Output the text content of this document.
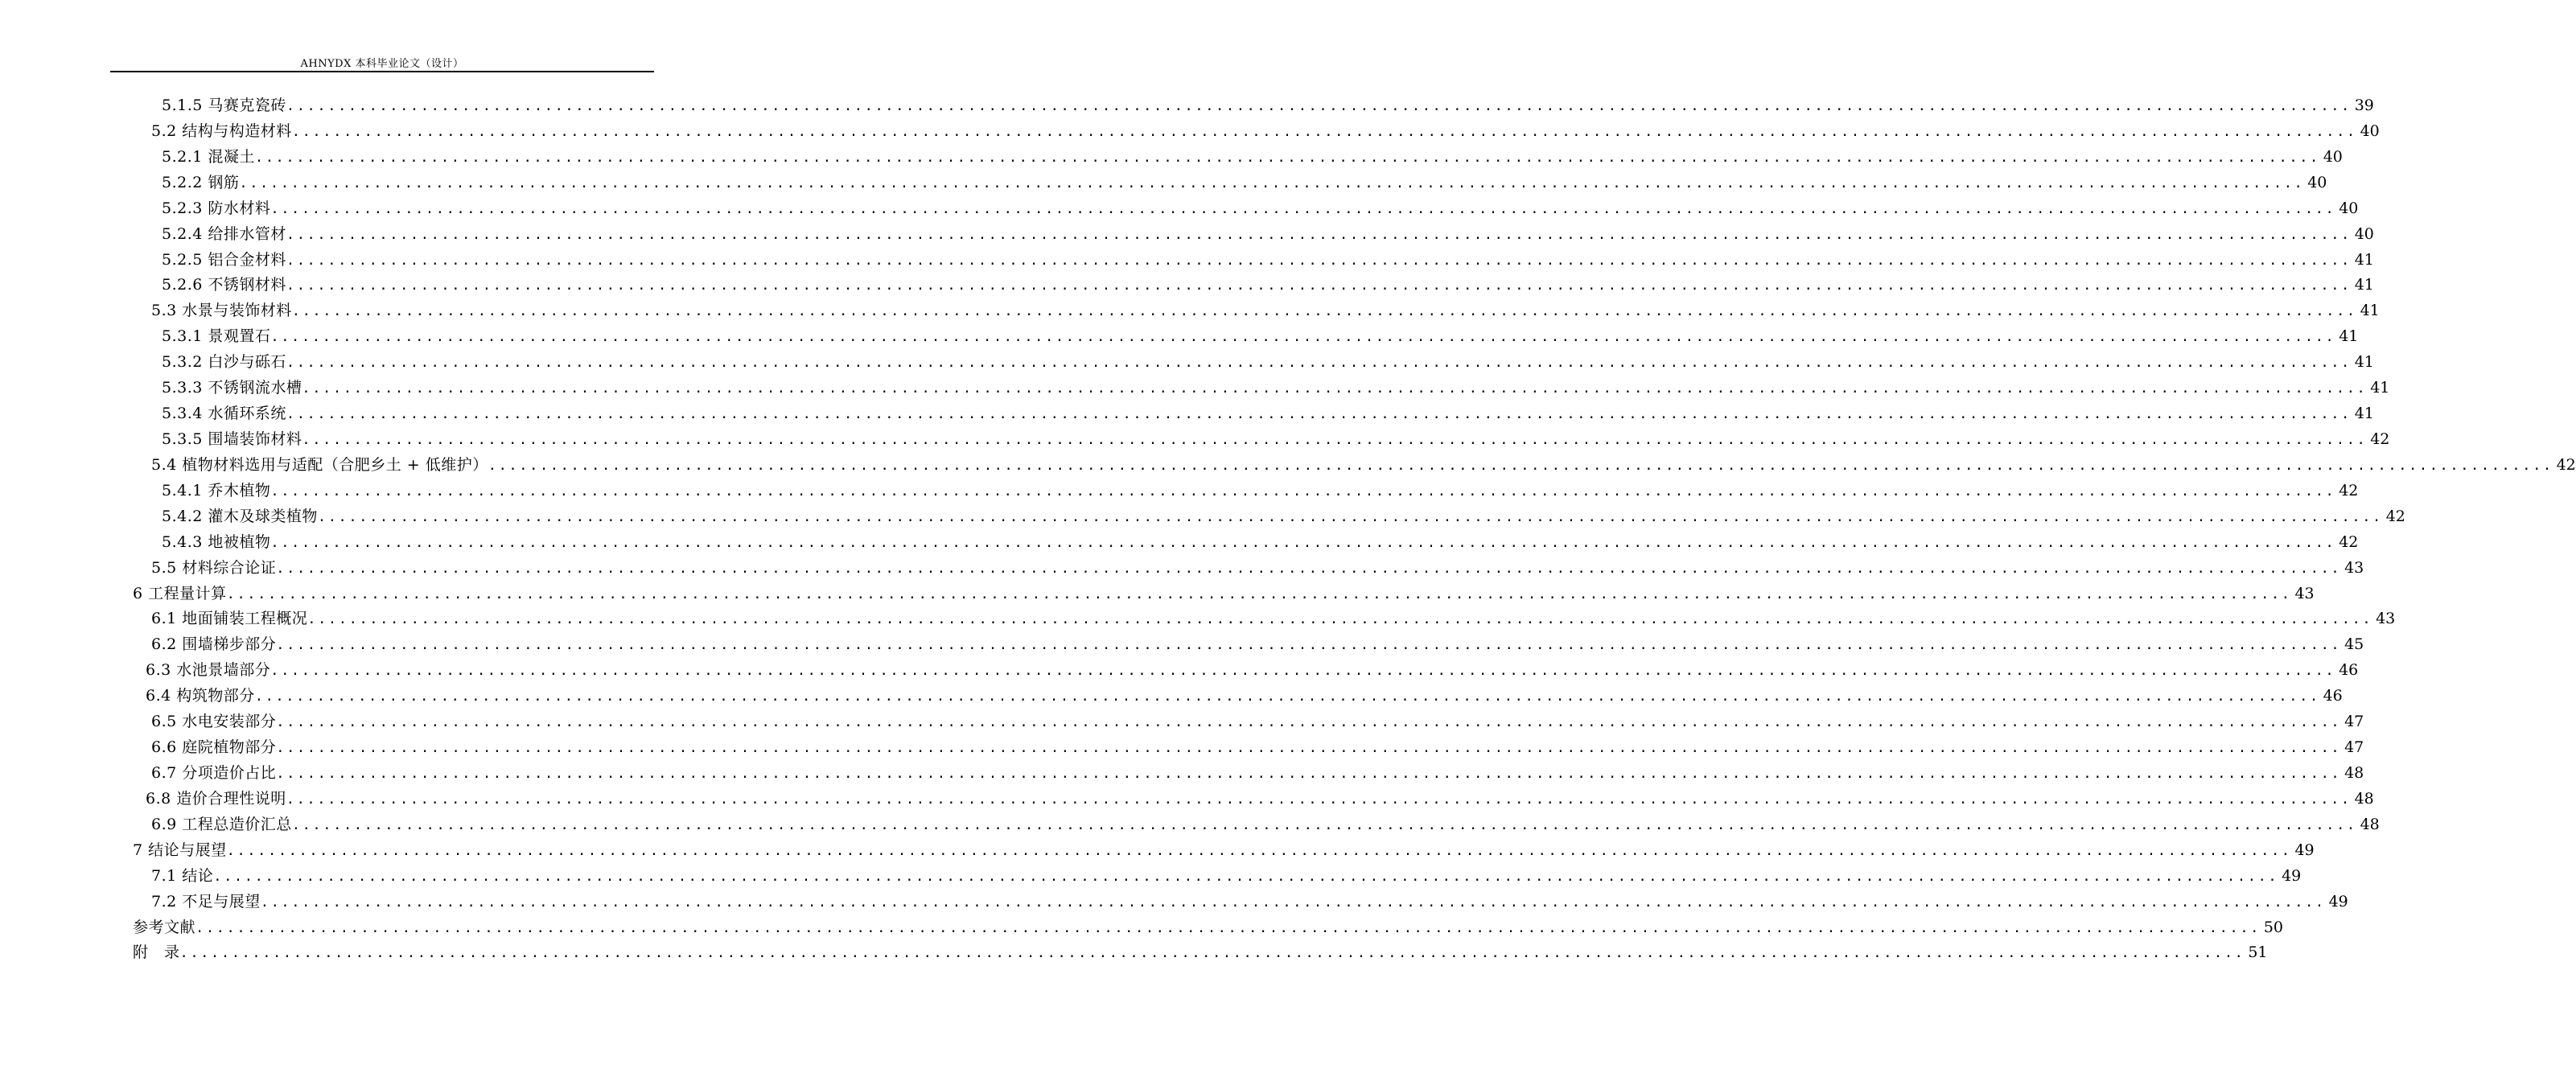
AHNYDX 本科毕业论文（设计）
5.1.5 马赛克瓷砖 ........................................................................................................................................................................................................ 39
5.2 结构与构造材料 ........................................................................................................................................................................................................ 40
5.2.1 混凝土 ........................................................................................................................................................................................................ 40
5.2.2 钢筋 ........................................................................................................................................................................................................ 40
5.2.3 防水材料 ........................................................................................................................................................................................................ 40
5.2.4 给排水管材 ........................................................................................................................................................................................................ 40
5.2.5 铝合金材料 ........................................................................................................................................................................................................ 41
5.2.6 不锈钢材料 ........................................................................................................................................................................................................ 41
5.3 水景与装饰材料 ........................................................................................................................................................................................................ 41
5.3.1 景观置石 ........................................................................................................................................................................................................ 41
5.3.2 白沙与砾石 ........................................................................................................................................................................................................ 41
5.3.3 不锈钢流水槽 ........................................................................................................................................................................................................ 41
5.3.4 水循环系统 ........................................................................................................................................................................................................ 41
5.3.5 围墙装饰材料 ........................................................................................................................................................................................................ 42
5.4 植物材料选用与适配（合肥乡土 + 低维护） ........................................................................................................................................................................................................ 42
5.4.1 乔木植物 ........................................................................................................................................................................................................ 42
5.4.2 灌木及球类植物 ........................................................................................................................................................................................................ 42
5.4.3 地被植物 ........................................................................................................................................................................................................ 42
5.5 材料综合论证 ........................................................................................................................................................................................................ 43
6 工程量计算 ........................................................................................................................................................................................................ 43
6.1 地面铺装工程概况 ........................................................................................................................................................................................................ 43
6.2 围墙梯步部分 ........................................................................................................................................................................................................ 45
6.3 水池景墙部分 ........................................................................................................................................................................................................ 46
6.4 构筑物部分 ........................................................................................................................................................................................................ 46
6.5 水电安装部分 ........................................................................................................................................................................................................ 47
6.6 庭院植物部分 ........................................................................................................................................................................................................ 47
6.7 分项造价占比 ........................................................................................................................................................................................................ 48
6.8 造价合理性说明 ........................................................................................................................................................................................................ 48
6.9 工程总造价汇总 ........................................................................................................................................................................................................ 48
7 结论与展望 ........................................................................................................................................................................................................ 49
7.1 结论 ........................................................................................................................................................................................................ 49
7.2 不足与展望 ........................................................................................................................................................................................................ 49
参考文献 ........................................................................................................................................................................................................ 50
附　录 ........................................................................................................................................................................................................ 51
